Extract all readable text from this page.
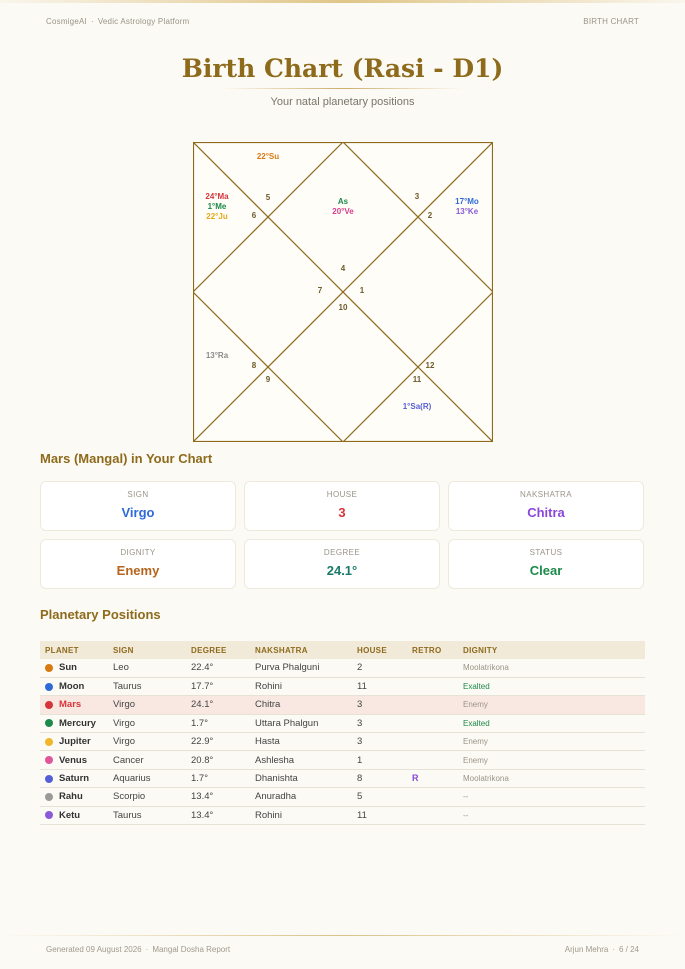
CosmigeAI · Vedic Astrology Platform	BIRTH CHART
Birth Chart (Rasi - D1)
Your natal planetary positions
4
As
20°Ve
3
2
17°Mo
13°Ke
1
12
11
1°Sa(R)
10
9
8
13°Ra
7
6
24°Ma
1°Me
22°Ju
5
22°Su
Mars (Mangal) in Your Chart
SIGN
Virgo
HOUSE
3
NAKSHATRA
Chitra
DIGNITY
Enemy
DEGREE
24.1°
STATUS
Clear
Planetary Positions
PLANET	SIGN	DEGREE	NAKSHATRA	HOUSE	RETRO	DIGNITY

Sun	Leo	22.4°	Purva Phalguni	2		Moolatrikona

Moon	Taurus	17.7°	Rohini	11		Exalted

Mars	Virgo	24.1°	Chitra	3		Enemy

Mercury	Virgo	1.7°	Uttara Phalgun	3		Exalted

Jupiter	Virgo	22.9°	Hasta	3		Enemy

Venus	Cancer	20.8°	Ashlesha	1		Enemy

Saturn	Aquarius	1.7°	Dhanishta	8	R	Moolatrikona

Rahu	Scorpio	13.4°	Anuradha	5		--

Ketu	Taurus	13.4°	Rohini	11		--
Generated 09 August 2026 · Mangal Dosha Report	Arjun Mehra · 6 / 24
